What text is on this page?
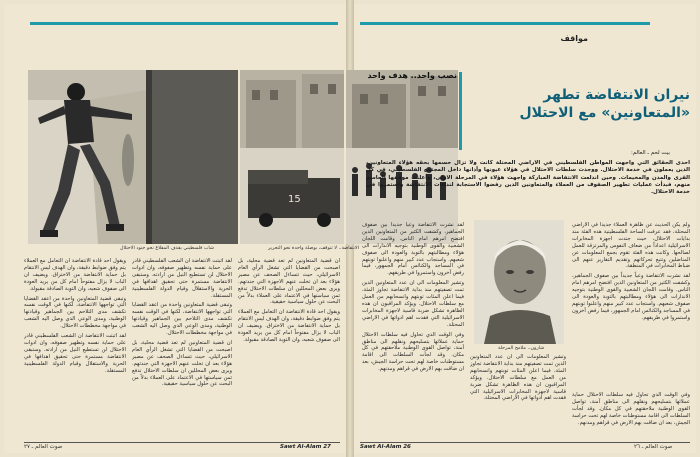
مواقف
شاب فلسطيني يقذف المقلاع نحو جنود الاحتلال
15
الانتفاضة.. لا تتوقف، بوصلة واحدة نحو التحرير
نصب واحد.. هدف واحد
نيران الانتفاضة تطهر
«المتعاونين» مع الاحتلال
بيت لحم ـ العالم:
احدى الحقائق التي واجهت المواطن الفلسطيني في الاراضي المحتلة كانت ولا تزال حسمها بحقه هؤلاء المتعاونين، الذين يعملون في خدمة الاحتلال. ووجدت سلطات الاحتلال في هؤلاء عيونها وآذانها داخل المجتمع الفلسطيني، في كل القرى والمدن والمخيمات. وحين اندلعت الانتفاضة المباركة واجهت هؤلاء في المرحلة الاولى، وأعلنت موقفها الحاسم منهم، فبدأت عمليات تطهير الصفوف من العملاء والمتعاونين الذين رفضوا الاستجابة لنداءات الانتفاضة واستمروا في خدمة الاحتلال.
شارون.. ملامح المرحلة

ولم يكن الحديث عن ظاهرة العملاء جديداً في الاراضي المحتلة، فقد عرفت الساحة الفلسطينية هذه الفئة منذ بدايات الاحتلال، حيث جندت اجهزة المخابرات الاسرائيلية اعداداً من ضعاف النفوس والمرتزقة للعمل لصالحها. وكانت هذه الفئة تقوم بجمع المعلومات عن المناضلين وتتبع تحركاتهم وتقديم التقارير عنهم الى ضباط المخابرات في المنطقة.

لقد نشرت الانتفاضة وعياً جديداً بين صفوف الجماهير، وكشفت الكثير من المتعاونين الذين افتضح امرهم امام الناس. وقامت اللجان الشعبية والقوى الوطنية بتوجيه الانذارات الى هؤلاء ومطالبتهم بالتوبة والعودة الى صفوف شعبهم. واستجاب عدد كبير منهم واعلنوا توبتهم في المساجد والكنائس امام الجمهور، فيما رفض آخرون واستمروا في طريقهم.

وفي الوقت الذي تحاول فيه سلطات الاحتلال حماية عملائها بتسليحهم ونقلهم الى مناطق آمنة، تواصل القوى الوطنية ملاحقتهم في كل مكان. وقد لجأت السلطات الى اقامة مستوطنات خاصة لهم تحت حراسة الجيش، بعد ان ضاقت بهم الارض في قراهم ومدنهم.

وتشير المعلومات الى ان عدد المتعاونين الذين تمت تصفيتهم منذ بداية الانتفاضة تجاوز المئة، فيما اعلن المئات توبتهم وانسحابهم من العمل مع سلطات الاحتلال. ويؤكد المراقبون ان هذه الظاهرة تشكل ضربة قاسية لاجهزة المخابرات الاسرائيلية التي فقدت اهم ادواتها في الاراضي المحتلة.

لقد نشرت الانتفاضة وعياً جديداً بين صفوف الجماهير، وكشفت الكثير من المتعاونين الذين افتضح امرهم امام الناس. وقامت اللجان الشعبية والقوى الوطنية بتوجيه الانذارات الى هؤلاء ومطالبتهم بالتوبة والعودة الى صفوف شعبهم. واستجاب عدد كبير منهم واعلنوا توبتهم في المساجد والكنائس امام الجمهور، فيما رفض آخرون واستمروا في طريقهم.

وتشير المعلومات الى ان عدد المتعاونين الذين تمت تصفيتهم منذ بداية الانتفاضة تجاوز المئة، فيما اعلن المئات توبتهم وانسحابهم من العمل مع سلطات الاحتلال. ويؤكد المراقبون ان هذه الظاهرة تشكل ضربة قاسية لاجهزة المخابرات الاسرائيلية التي فقدت اهم ادواتها في الاراضي المحتلة.

وفي الوقت الذي تحاول فيه سلطات الاحتلال حماية عملائها بتسليحهم ونقلهم الى مناطق آمنة، تواصل القوى الوطنية ملاحقتهم في كل مكان. وقد لجأت السلطات الى اقامة مستوطنات خاصة لهم تحت حراسة الجيش، بعد ان ضاقت بهم الارض في قراهم ومدنهم.

ان قضية المتعاونين لم تعد قضية محلية، بل اصبحت من القضايا التي تشغل الرأي العام الاسرائيلي، حيث تتساءل الصحف عن مصير هؤلاء بعد ان تخلت عنهم الاجهزة التي جندتهم. ويرى بعض المحللين ان سلطات الاحتلال تدفع ثمن سياستها في الاعتماد على العملاء بدلاً من البحث عن حلول سياسية حقيقية.

ويقول احد قادة الانتفاضة ان التعامل مع العملاء يتم وفق ضوابط دقيقة، وان الهدف ليس الانتقام بل حماية الانتفاضة من الاختراق. ويضيف ان الباب لا يزال مفتوحاً امام كل من يريد العودة الى صفوف شعبه، وان التوبة الصادقة مقبولة.

لقد اثبتت الانتفاضة ان الشعب الفلسطيني قادر على حماية نفسه وتطهير صفوفه، وان ادوات الاحتلال لن تستطيع النيل من ارادته. وستبقى الانتفاضة مستمرة حتى تحقيق اهدافها في الحرية والاستقلال وقيام الدولة الفلسطينية المستقلة.

وتبقى قضية المتعاونين واحدة من اعقد القضايا التي تواجهها الانتفاضة، لكنها في الوقت نفسه تكشف مدى التلاحم بين الجماهير وقيادتها الوطنية، ومدى الوعي الذي وصل اليه الشعب في مواجهة مخططات الاحتلال.

ان قضية المتعاونين لم تعد قضية محلية، بل اصبحت من القضايا التي تشغل الرأي العام الاسرائيلي، حيث تتساءل الصحف عن مصير هؤلاء بعد ان تخلت عنهم الاجهزة التي جندتهم. ويرى بعض المحللين ان سلطات الاحتلال تدفع ثمن سياستها في الاعتماد على العملاء بدلاً من البحث عن حلول سياسية حقيقية.

ويقول احد قادة الانتفاضة ان التعامل مع العملاء يتم وفق ضوابط دقيقة، وان الهدف ليس الانتقام بل حماية الانتفاضة من الاختراق. ويضيف ان الباب لا يزال مفتوحاً امام كل من يريد العودة الى صفوف شعبه، وان التوبة الصادقة مقبولة.

وتبقى قضية المتعاونين واحدة من اعقد القضايا التي تواجهها الانتفاضة، لكنها في الوقت نفسه تكشف مدى التلاحم بين الجماهير وقيادتها الوطنية، ومدى الوعي الذي وصل اليه الشعب في مواجهة مخططات الاحتلال.

لقد اثبتت الانتفاضة ان الشعب الفلسطيني قادر على حماية نفسه وتطهير صفوفه، وان ادوات الاحتلال لن تستطيع النيل من ارادته. وستبقى الانتفاضة مستمرة حتى تحقيق اهدافها في الحرية والاستقلال وقيام الدولة الفلسطينية المستقلة.

صوت العالم ـ ٢٧	Sawt Al-Alam 27	Sawt Al-Alam 26	صوت العالم ـ ٢٦
